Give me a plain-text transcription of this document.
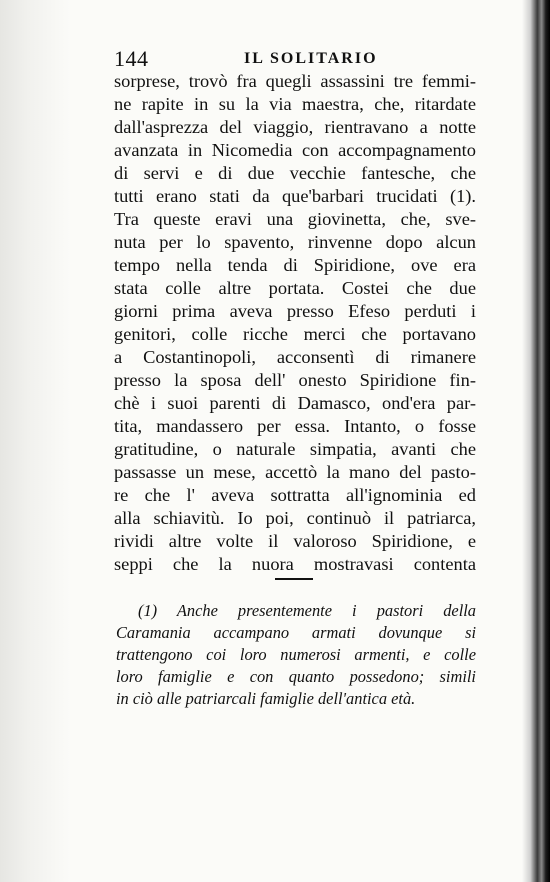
144	IL SOLITARIO
sorprese, trovò fra quegli assassini tre femmi-
ne rapite in su la via maestra, che, ritardate
dall'asprezza del viaggio, rientravano a notte
avanzata in Nicomedia con accompagnamento
di servi e di due vecchie fantesche, che
tutti erano stati da que'barbari trucidati (1).
Tra queste eravi una giovinetta, che, sve-
nuta per lo spavento, rinvenne dopo alcun
tempo nella tenda di Spiridione, ove era
stata colle altre portata. Costei che due
giorni prima aveva presso Efeso perduti i
genitori, colle ricche merci che portavano
a Costantinopoli, acconsentì di rimanere
presso la sposa dell' onesto Spiridione fin-
chè i suoi parenti di Damasco, ond'era par-
tita, mandassero per essa. Intanto, o fosse
gratitudine, o naturale simpatia, avanti che
passasse un mese, accettò la mano del pasto-
re che l' aveva sottratta all'ignominia ed
alla schiavitù. Io poi, continuò il patriarca,
rividi altre volte il valoroso Spiridione, e
seppi che la nuora mostravasi contenta
(1) Anche presentemente i pastori della
Caramania accampano armati dovunque si
trattengono coi loro numerosi armenti, e colle
loro famiglie e con quanto possedono; simili
in ciò alle patriarcali famiglie dell'antica età.
